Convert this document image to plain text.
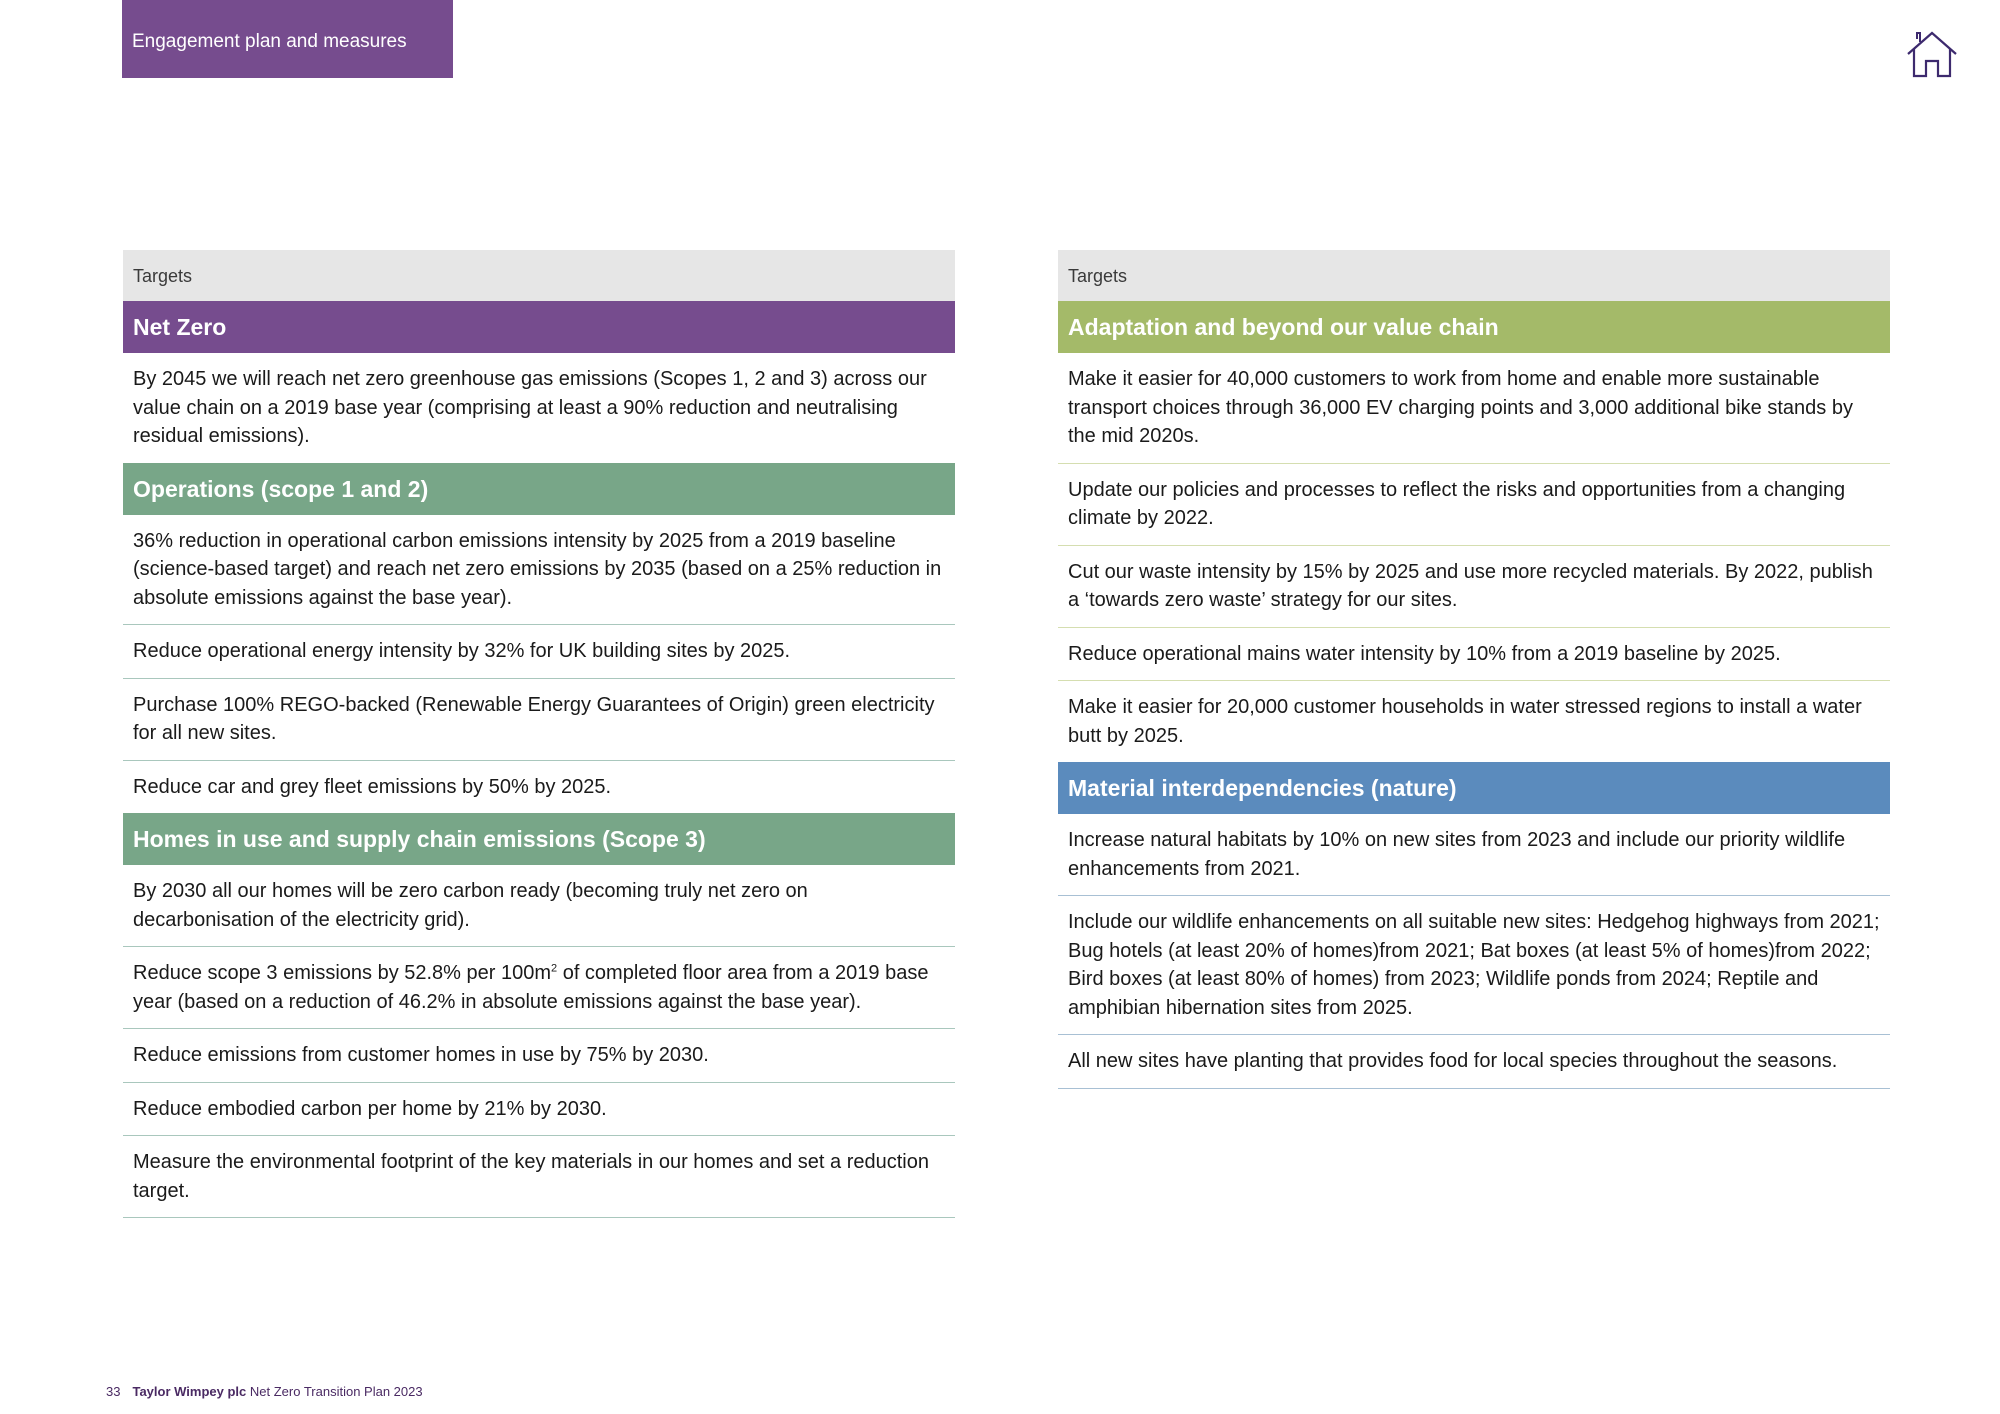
Engagement plan and measures
Targets
Net Zero
By 2045 we will reach net zero greenhouse gas emissions (Scopes 1, 2 and 3) across our value chain on a 2019 base year (comprising at least a 90% reduction and neutralising residual emissions).
Operations (scope 1 and 2)
36% reduction in operational carbon emissions intensity by 2025 from a 2019 baseline (science-based target) and reach net zero emissions by 2035 (based on a 25% reduction in absolute emissions against the base year).
Reduce operational energy intensity by 32% for UK building sites by 2025.
Purchase 100% REGO-backed (Renewable Energy Guarantees of Origin) green electricity for all new sites.
Reduce car and grey fleet emissions by 50% by 2025.
Homes in use and supply chain emissions (Scope 3)
By 2030 all our homes will be zero carbon ready (becoming truly net zero on decarbonisation of the electricity grid).
Reduce scope 3 emissions by 52.8% per $100m^2$ of completed floor area from a 2019 base year (based on a reduction of 46.2% in absolute emissions against the base year).
Reduce emissions from customer homes in use by 75% by 2030.
Reduce embodied carbon per home by 21% by 2030.
Measure the environmental footprint of the key materials in our homes and set a reduction target.
Targets
Adaptation and beyond our value chain
Make it easier for 40,000 customers to work from home and enable more sustainable transport choices through 36,000 EV charging points and 3,000 additional bike stands by the mid 2020s.
Update our policies and processes to reflect the risks and opportunities from a changing climate by 2022.
Cut our waste intensity by 15% by 2025 and use more recycled materials. By 2022, publish a ‘towards zero waste’ strategy for our sites.
Reduce operational mains water intensity by 10% from a 2019 baseline by 2025.
Make it easier for 20,000 customer households in water stressed regions to install a water butt by 2025.
Material interdependencies (nature)
Increase natural habitats by 10% on new sites from 2023 and include our priority wildlife enhancements from 2021.
Include our wildlife enhancements on all suitable new sites: Hedgehog highways from 2021; Bug hotels (at least 20% of homes)from 2021; Bat boxes (at least 5% of homes)from 2022; Bird boxes (at least 80% of homes) from 2023; Wildlife ponds from 2024; Reptile and amphibian hibernation sites from 2025.
All new sites have planting that provides food for local species throughout the seasons.
33 Taylor Wimpey plc Net Zero Transition Plan 2023
